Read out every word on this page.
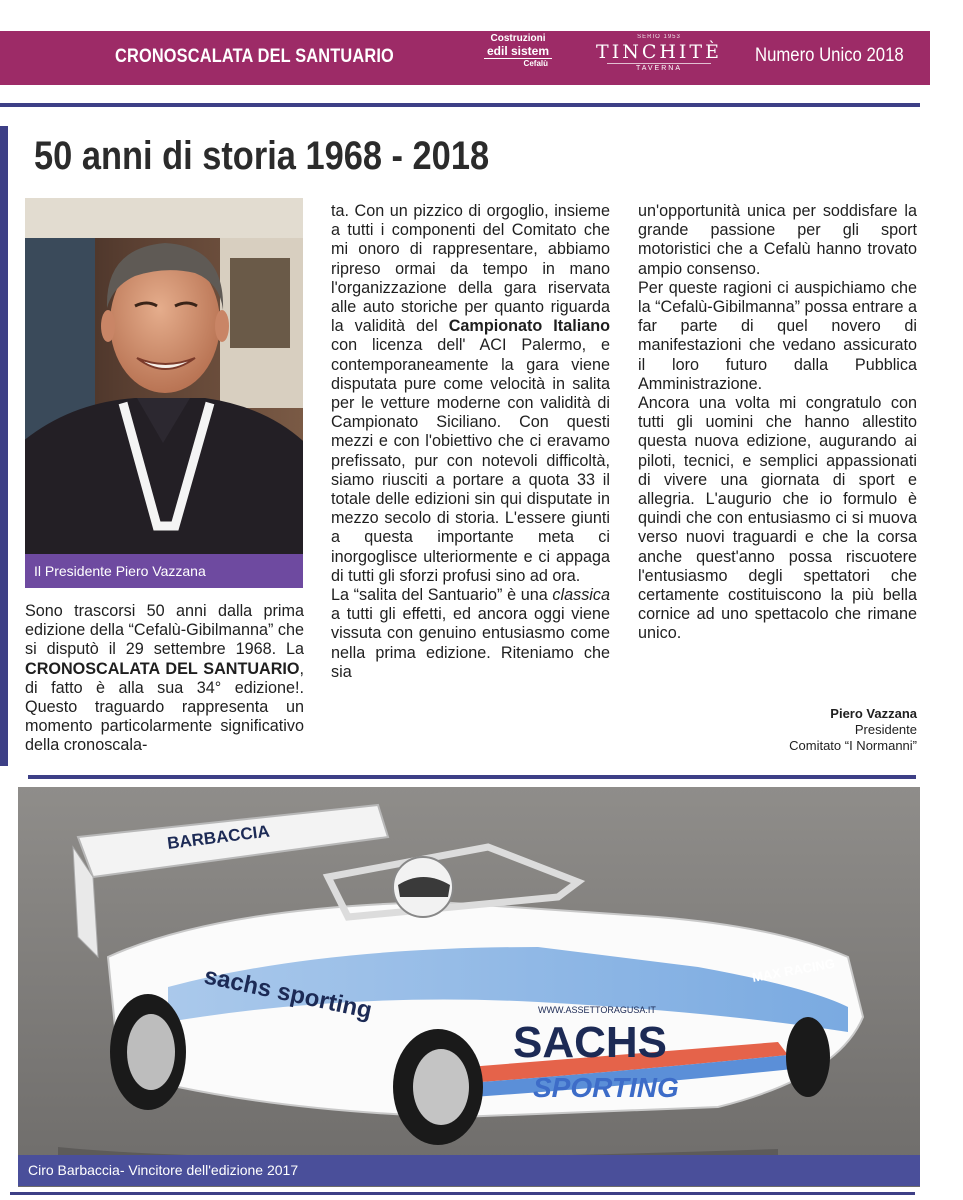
CRONOSCALATA DEL SANTUARIO
Costruzioni
edil sistem
Cefalù
SERIO 1953
TINCHITÈ
TAVERNA
Numero Unico 2018
50 anni di storia 1968 - 2018
Il Presidente Piero Vazzana

Sono trascorsi 50 anni dalla prima edizione della “Cefalù-Gibilmanna” che si disputò il 29 settembre 1968. La CRONOSCALATA DEL SANTUARIO, di fatto è alla sua 34° edizione!. Questo traguardo rappresenta un momento particolarmente significativo della cronoscala-

ta. Con un pizzico di orgoglio, insieme a tutti i componenti del Comitato che mi onoro di rappresentare, abbiamo ripreso ormai da tempo in mano l'organizzazione della gara riservata alle auto storiche per quanto riguarda la validità del Campionato Italiano con licenza dell' ACI Palermo, e contemporaneamente la gara viene disputata pure come velocità in salita per le vetture moderne con validità di Campionato Siciliano. Con questi mezzi e con l'obiettivo che ci eravamo prefissato, pur con notevoli difficoltà, siamo riusciti a portare a quota 33 il totale delle edizioni sin qui disputate in mezzo secolo di storia. L'essere giunti a questa importante meta ci inorgoglisce ulteriormente e ci appaga di tutti gli sforzi profusi sino ad ora.

La “salita del Santuario” è una classica a tutti gli effetti, ed ancora oggi viene vissuta con genuino entusiasmo come nella prima edizione. Riteniamo che sia

un'opportunità unica per soddisfare la grande passione per gli sport motoristici che a Cefalù hanno trovato ampio consenso.

Per queste ragioni ci auspichiamo che la “Cefalù-Gibilmanna” possa entrare a far parte di quel novero di manifestazioni che vedano assicurato il loro futuro dalla Pubblica Amministrazione.

Ancora una volta mi congratulo con tutti gli uomini che hanno allestito questa nuova edizione, augurando ai piloti, tecnici, e semplici appassionati di vivere una giornata di sport e allegria. L'augurio che io formulo è quindi che con entusiasmo ci si muova verso nuovi traguardi e che la corsa anche quest'anno possa riscuotere l'entusiasmo degli spettatori che certamente costituiscono la più bella cornice ad uno spettacolo che rimane unico.

Piero Vazzana
Presidente
Comitato “I Normanni”
BARBACCIA
sachs sporting
SACHS
SPORTING
WWW.ASSETTORAGUSA.IT
MAX RACING
Ciro Barbaccia- Vincitore dell'edizione 2017
